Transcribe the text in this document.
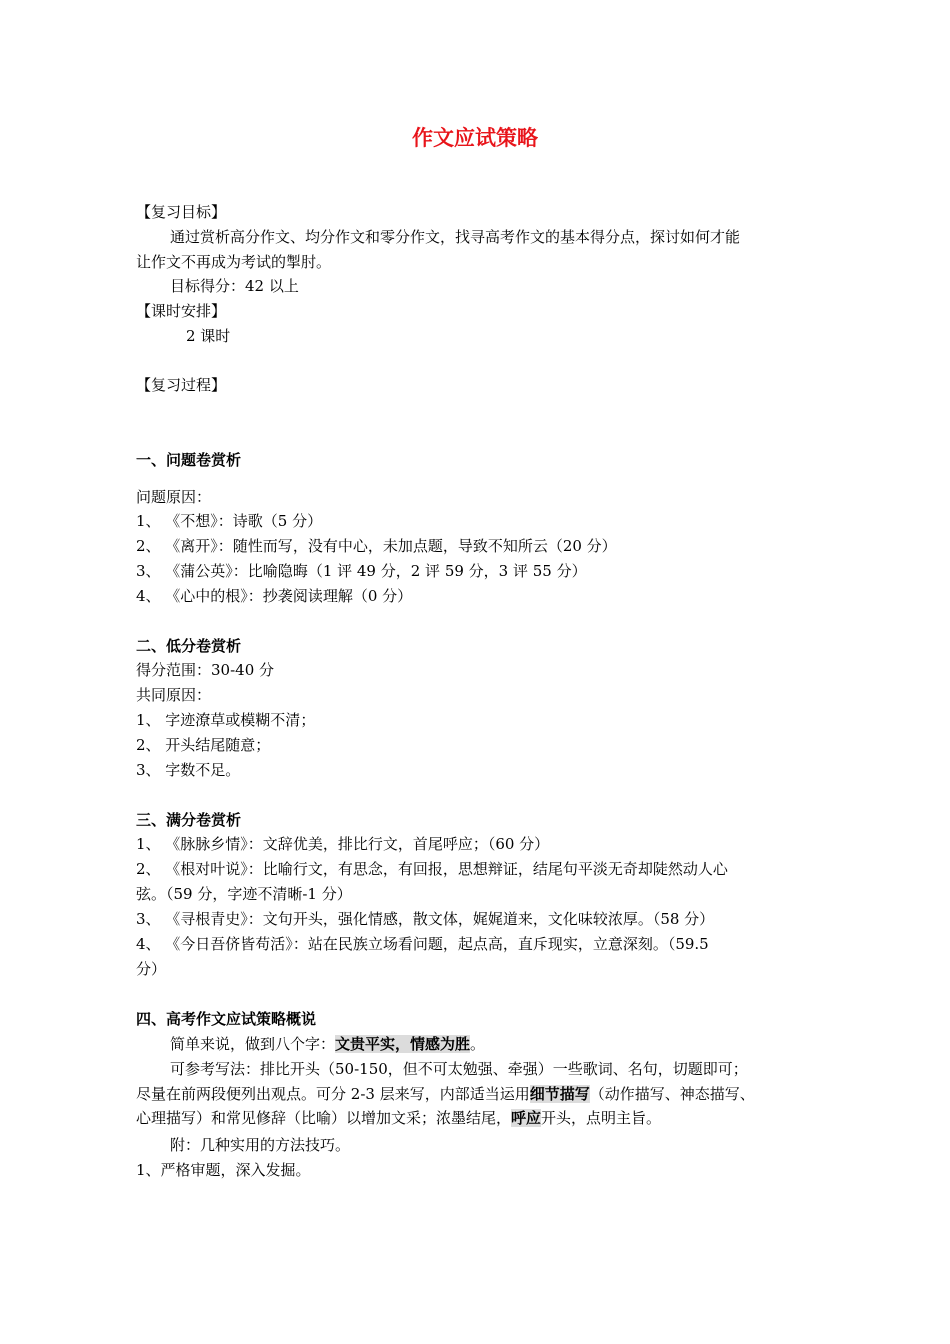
作文应试策略
【复习目标】
通过赏析高分作文、均分作文和零分作文，找寻高考作文的基本得分点，探讨如何才能
让作文不再成为考试的掣肘。
目标得分：42 以上
【课时安排】
2 课时
【复习过程】
一、问题卷赏析
问题原因：
1、 《不想》：诗歌（5 分）
2、 《离开》：随性而写，没有中心，未加点题，导致不知所云（20 分）
3、 《蒲公英》：比喻隐晦（1 评 49 分，2 评 59 分，3 评 55 分）
4、 《心中的根》：抄袭阅读理解（0 分）
二、低分卷赏析
得分范围：30-40 分
共同原因：
1、 字迹潦草或模糊不清；
2、 开头结尾随意；
3、 字数不足。
三、满分卷赏析
1、 《脉脉乡情》：文辞优美，排比行文，首尾呼应；（60 分）
2、 《根对叶说》：比喻行文，有思念，有回报，思想辩证，结尾句平淡无奇却陡然动人心
弦。（59 分，字迹不清晰-1 分）
3、 《寻根青史》：文句开头，强化情感，散文体，娓娓道来，文化味较浓厚。（58 分）
4、 《今日吾侪皆苟活》：站在民族立场看问题，起点高，直斥现实，立意深刻。（59.5
分）
四、高考作文应试策略概说
简单来说，做到八个字：文贵平实，情感为胜。
可参考写法：排比开头（50-150，但不可太勉强、牵强）一些歌词、名句，切题即可；
尽量在前两段便列出观点。可分 2-3 层来写，内部适当运用细节描写（动作描写、神态描写、
心理描写）和常见修辞（比喻）以增加文采；浓墨结尾，呼应开头，点明主旨。
附：几种实用的方法技巧。
1、严格审题，深入发掘。
